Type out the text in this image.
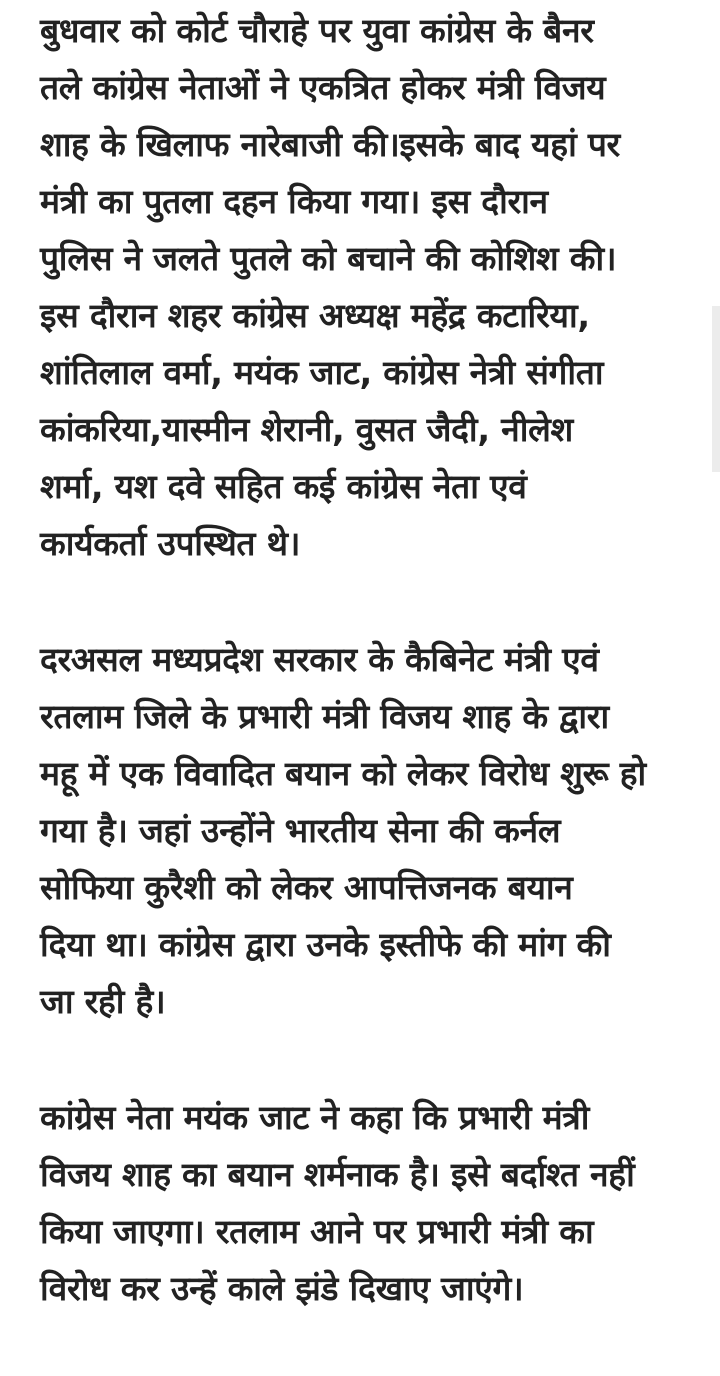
बुधवार को कोर्ट चौराहे पर युवा कांग्रेस के बैनर
तले कांग्रेस नेताओं ने एकत्रित होकर मंत्री विजय
शाह के खिलाफ नारेबाजी की।इसके बाद यहां पर
मंत्री का पुतला दहन किया गया। इस दौरान
पुलिस ने जलते पुतले को बचाने की कोशिश की।
इस दौरान शहर कांग्रेस अध्यक्ष महेंद्र कटारिया,
शांतिलाल वर्मा, मयंक जाट, कांग्रेस नेत्री संगीता
कांकरिया,यास्मीन शेरानी, वुसत जैदी, नीलेश
शर्मा, यश दवे सहित कई कांग्रेस नेता एवं
कार्यकर्ता उपस्थित थे।
दरअसल मध्यप्रदेश सरकार के कैबिनेट मंत्री एवं
रतलाम जिले के प्रभारी मंत्री विजय शाह के द्वारा
महू में एक विवादित बयान को लेकर विरोध शुरू हो
गया है। जहां उन्होंने भारतीय सेना की कर्नल
सोफिया कुरैशी को लेकर आपत्तिजनक बयान
दिया था। कांग्रेस द्वारा उनके इस्तीफे की मांग की
जा रही है।
कांग्रेस नेता मयंक जाट ने कहा कि प्रभारी मंत्री
विजय शाह का बयान शर्मनाक है। इसे बर्दाश्त नहीं
किया जाएगा। रतलाम आने पर प्रभारी मंत्री का
विरोध कर उन्हें काले झंडे दिखाए जाएंगे।
